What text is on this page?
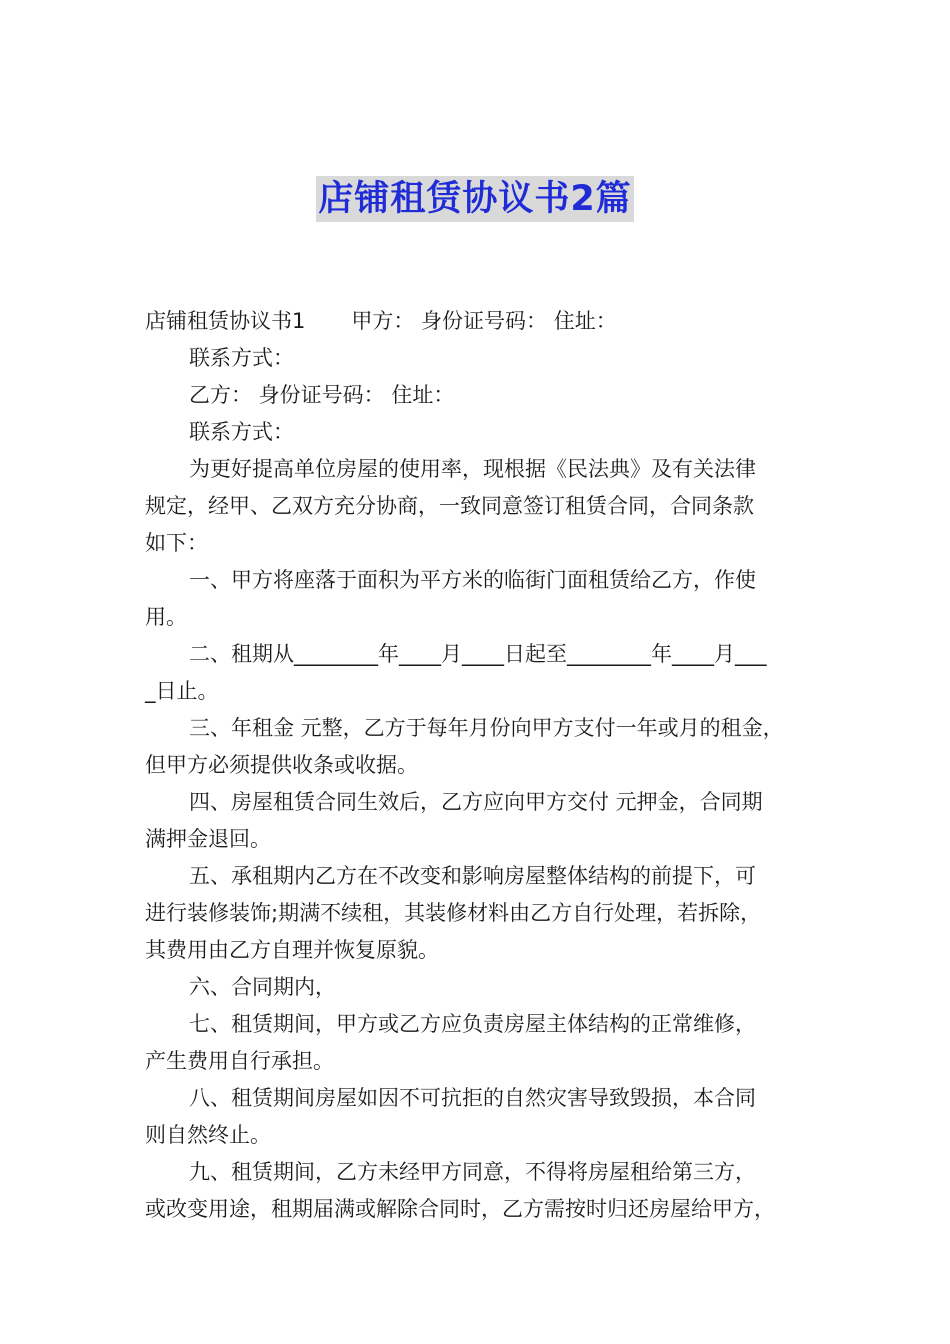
店铺租赁协议书2篇
店铺租赁协议书1 甲方： 身份证号码： 住址：
联系方式：
乙方： 身份证号码： 住址：
联系方式：
为更好提高单位房屋的使用率，现根据《民法典》及有关法律
规定，经甲、乙双方充分协商，一致同意签订租赁合同，合同条款
如下：
一、甲方将座落于面积为平方米的临街门面租赁给乙方，作使
用。
二、租期从________年____月____日起至________年____月___
_日止。
三、年租金 元整，乙方于每年月份向甲方支付一年或月的租金，
但甲方必须提供收条或收据。
四、房屋租赁合同生效后，乙方应向甲方交付 元押金，合同期
满押金退回。
五、承租期内乙方在不改变和影响房屋整体结构的前提下，可
进行装修装饰;期满不续租，其装修材料由乙方自行处理，若拆除，
其费用由乙方自理并恢复原貌。
六、合同期内，
七、租赁期间，甲方或乙方应负责房屋主体结构的正常维修，
产生费用自行承担。
八、租赁期间房屋如因不可抗拒的自然灾害导致毁损，本合同
则自然终止。
九、租赁期间，乙方未经甲方同意，不得将房屋租给第三方，
或改变用途，租期届满或解除合同时，乙方需按时归还房屋给甲方，
